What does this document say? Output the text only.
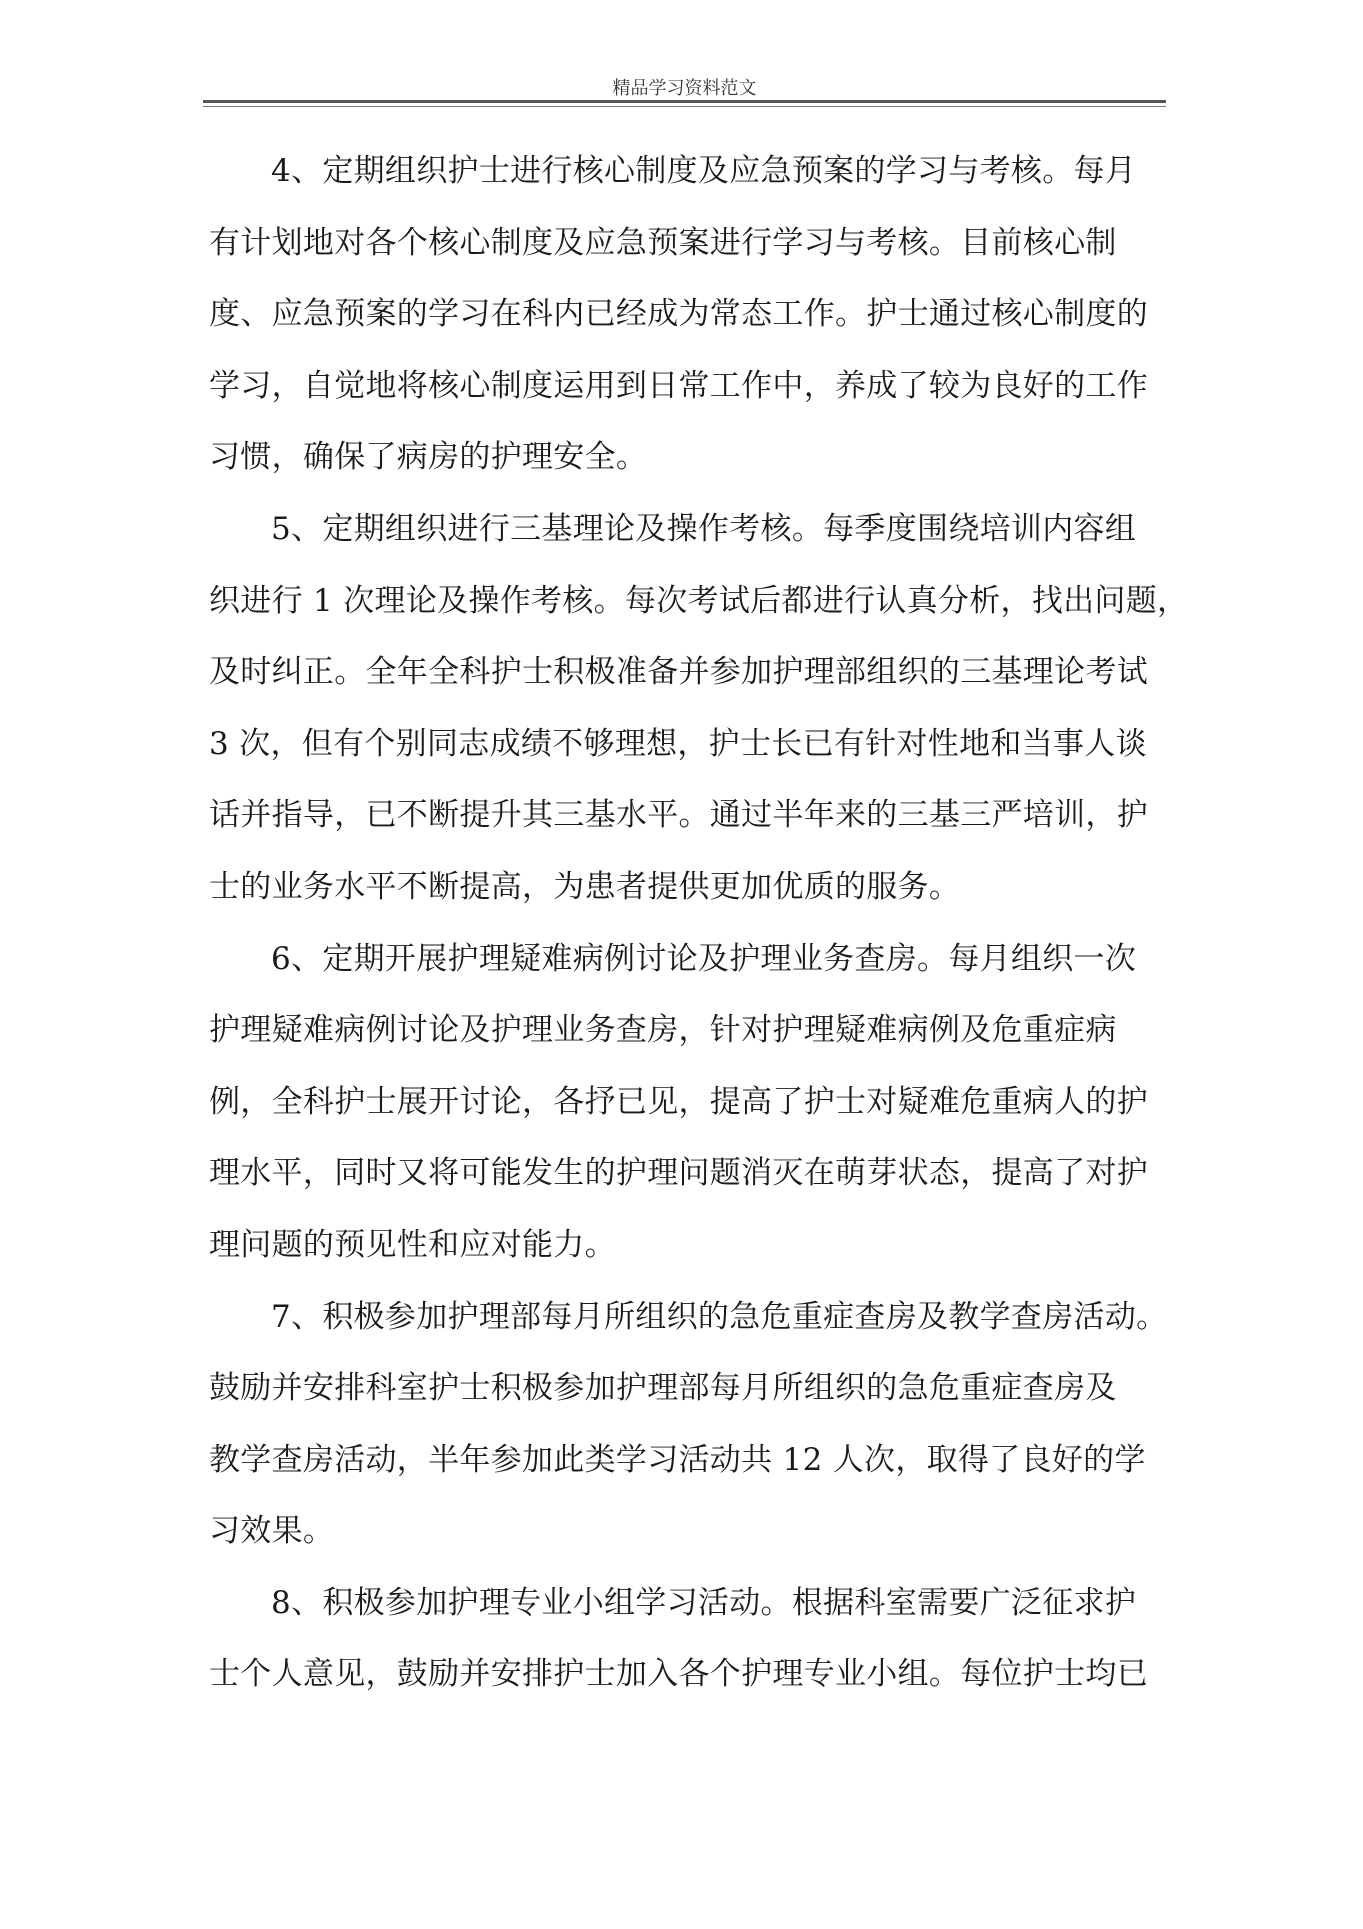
精品学习资料范文

4、定期组织护士进行核心制度及应急预案的学习与考核。每月
有计划地对各个核心制度及应急预案进行学习与考核。目前核心制
度、应急预案的学习在科内已经成为常态工作。护士通过核心制度的
学习，自觉地将核心制度运用到日常工作中，养成了较为良好的工作
习惯，确保了病房的护理安全。

5、定期组织进行三基理论及操作考核。每季度围绕培训内容组
织进行 1 次理论及操作考核。每次考试后都进行认真分析，找出问题，
及时纠正。全年全科护士积极准备并参加护理部组织的三基理论考试
3 次，但有个别同志成绩不够理想，护士长已有针对性地和当事人谈
话并指导，已不断提升其三基水平。通过半年来的三基三严培训，护
士的业务水平不断提高，为患者提供更加优质的服务。

6、定期开展护理疑难病例讨论及护理业务查房。每月组织一次
护理疑难病例讨论及护理业务查房，针对护理疑难病例及危重症病
例，全科护士展开讨论，各抒已见，提高了护士对疑难危重病人的护
理水平，同时又将可能发生的护理问题消灭在萌芽状态，提高了对护
理问题的预见性和应对能力。

7、积极参加护理部每月所组织的急危重症查房及教学查房活动。
鼓励并安排科室护士积极参加护理部每月所组织的急危重症查房及
教学查房活动，半年参加此类学习活动共 12 人次，取得了良好的学
习效果。

8、积极参加护理专业小组学习活动。根据科室需要广泛征求护
士个人意见，鼓励并安排护士加入各个护理专业小组。每位护士均已
